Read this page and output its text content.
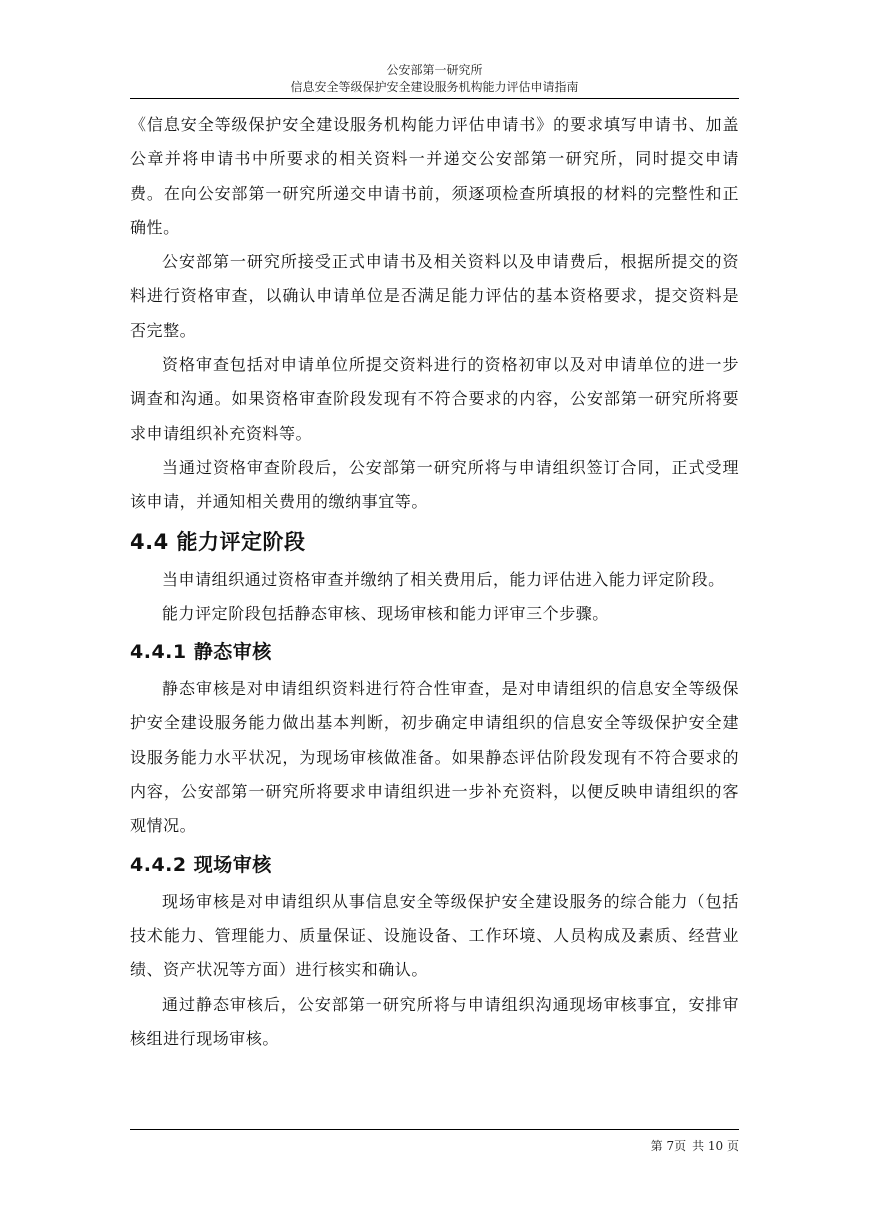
公安部第一研究所
信息安全等级保护安全建设服务机构能力评估申请指南

《信息安全等级保护安全建设服务机构能力评估申请书》的要求填写申请书、加盖公章并将申请书中所要求的相关资料一并递交公安部第一研究所，同时提交申请费。在向公安部第一研究所递交申请书前，须逐项检查所填报的材料的完整性和正确性。

公安部第一研究所接受正式申请书及相关资料以及申请费后，根据所提交的资料进行资格审查，以确认申请单位是否满足能力评估的基本资格要求，提交资料是否完整。

资格审查包括对申请单位所提交资料进行的资格初审以及对申请单位的进一步调查和沟通。如果资格审查阶段发现有不符合要求的内容，公安部第一研究所将要求申请组织补充资料等。

当通过资格审查阶段后，公安部第一研究所将与申请组织签订合同，正式受理该申请，并通知相关费用的缴纳事宜等。

4.4 能力评定阶段

当申请组织通过资格审查并缴纳了相关费用后，能力评估进入能力评定阶段。

能力评定阶段包括静态审核、现场审核和能力评审三个步骤。

4.4.1 静态审核

静态审核是对申请组织资料进行符合性审查，是对申请组织的信息安全等级保护安全建设服务能力做出基本判断，初步确定申请组织的信息安全等级保护安全建设服务能力水平状况，为现场审核做准备。如果静态评估阶段发现有不符合要求的内容，公安部第一研究所将要求申请组织进一步补充资料，以便反映申请组织的客观情况。

4.4.2 现场审核

现场审核是对申请组织从事信息安全等级保护安全建设服务的综合能力（包括技术能力、管理能力、质量保证、设施设备、工作环境、人员构成及素质、经营业绩、资产状况等方面）进行核实和确认。

通过静态审核后，公安部第一研究所将与申请组织沟通现场审核事宜，安排审核组进行现场审核。

第 7页 共 10 页
